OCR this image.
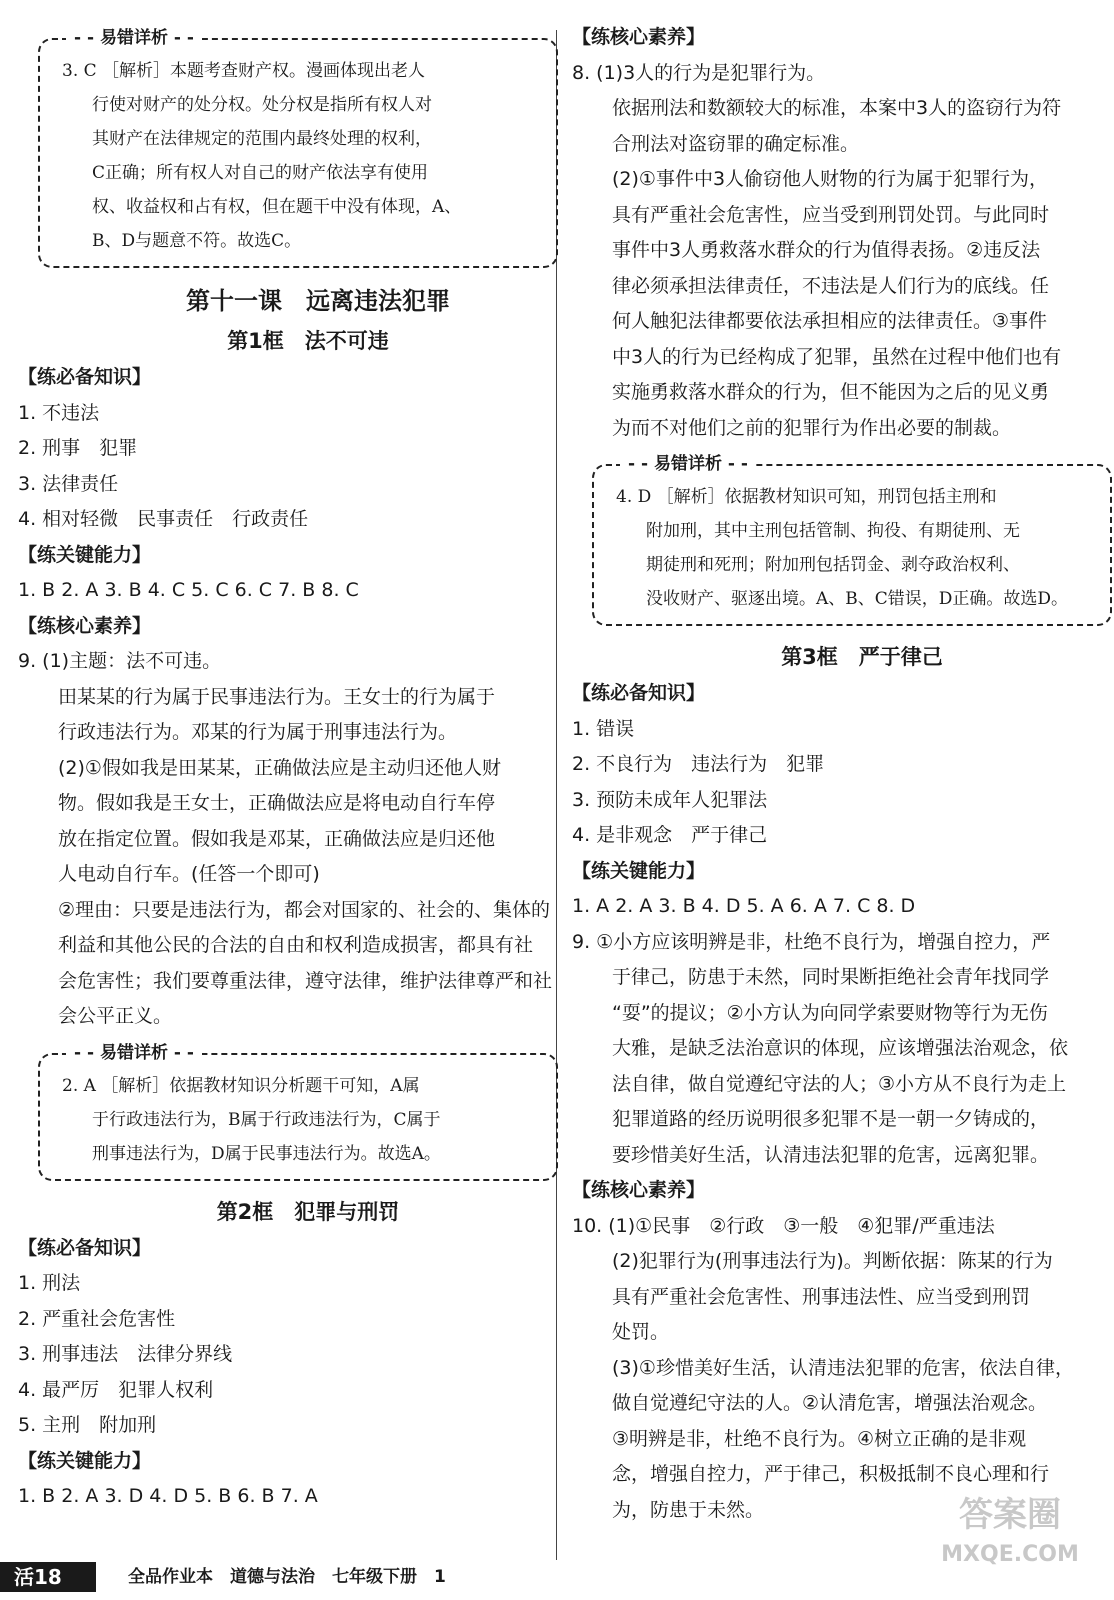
- - 易错详析 - -
3. C ［解析］本题考查财产权。漫画体现出老人
行使对财产的处分权。处分权是指所有权人对
其财产在法律规定的范围内最终处理的权利，
C正确；所有权人对自己的财产依法享有使用
权、收益权和占有权，但在题干中没有体现，A、
B、D与题意不符。故选C。
第十一课　远离违法犯罪
第1框　法不可违
【练必备知识】
1. 不违法
2. 刑事　犯罪
3. 法律责任
4. 相对轻微　民事责任　行政责任
【练关键能力】
1. B 2. A 3. B 4. C 5. C 6. C 7. B 8. C
【练核心素养】
9. (1)主题：法不可违。
田某某的行为属于民事违法行为。王女士的行为属于
行政违法行为。邓某的行为属于刑事违法行为。
(2)①假如我是田某某，正确做法应是主动归还他人财
物。假如我是王女士，正确做法应是将电动自行车停
放在指定位置。假如我是邓某，正确做法应是归还他
人电动自行车。(任答一个即可)
②理由：只要是违法行为，都会对国家的、社会的、集体的
利益和其他公民的合法的自由和权利造成损害，都具有社
会危害性；我们要尊重法律，遵守法律，维护法律尊严和社
会公平正义。
- - 易错详析 - -
2. A ［解析］依据教材知识分析题干可知，A属
于行政违法行为，B属于行政违法行为，C属于
刑事违法行为，D属于民事违法行为。故选A。
第2框　犯罪与刑罚
【练必备知识】
1. 刑法
2. 严重社会危害性
3. 刑事违法　法律分界线
4. 最严厉　犯罪人权利
5. 主刑　附加刑
【练关键能力】
1. B 2. A 3. D 4. D 5. B 6. B 7. A
【练核心素养】
8. (1)3人的行为是犯罪行为。
依据刑法和数额较大的标准，本案中3人的盗窃行为符
合刑法对盗窃罪的确定标准。
(2)①事件中3人偷窃他人财物的行为属于犯罪行为，
具有严重社会危害性，应当受到刑罚处罚。与此同时
事件中3人勇救落水群众的行为值得表扬。②违反法
律必须承担法律责任，不违法是人们行为的底线。任
何人触犯法律都要依法承担相应的法律责任。③事件
中3人的行为已经构成了犯罪，虽然在过程中他们也有
实施勇救落水群众的行为，但不能因为之后的见义勇
为而不对他们之前的犯罪行为作出必要的制裁。
- - 易错详析 - -
4. D ［解析］依据教材知识可知，刑罚包括主刑和
附加刑，其中主刑包括管制、拘役、有期徒刑、无
期徒刑和死刑；附加刑包括罚金、剥夺政治权利、
没收财产、驱逐出境。A、B、C错误，D正确。故选D。
第3框　严于律己
【练必备知识】
1. 错误
2. 不良行为　违法行为　犯罪
3. 预防未成年人犯罪法
4. 是非观念　严于律己
【练关键能力】
1. A 2. A 3. B 4. D 5. A 6. A 7. C 8. D
9. ①小方应该明辨是非，杜绝不良行为，增强自控力，严
于律己，防患于未然，同时果断拒绝社会青年找同学
“耍”的提议；②小方认为向同学索要财物等行为无伤
大雅，是缺乏法治意识的体现，应该增强法治观念，依
法自律，做自觉遵纪守法的人；③小方从不良行为走上
犯罪道路的经历说明很多犯罪不是一朝一夕铸成的，
要珍惜美好生活，认清违法犯罪的危害，远离犯罪。
【练核心素养】
10. (1)①民事　②行政　③一般　④犯罪/严重违法
(2)犯罪行为(刑事违法行为)。判断依据：陈某的行为
具有严重社会危害性、刑事违法性、应当受到刑罚
处罚。
(3)①珍惜美好生活，认清违法犯罪的危害，依法自律，
做自觉遵纪守法的人。②认清危害，增强法治观念。
③明辨是非，杜绝不良行为。④树立正确的是非观
念，增强自控力，严于律己，积极抵制不良心理和行
为，防患于未然。
活18	全品作业本　道德与法治　七年级下册　1
答案圈
MXQE.COM
